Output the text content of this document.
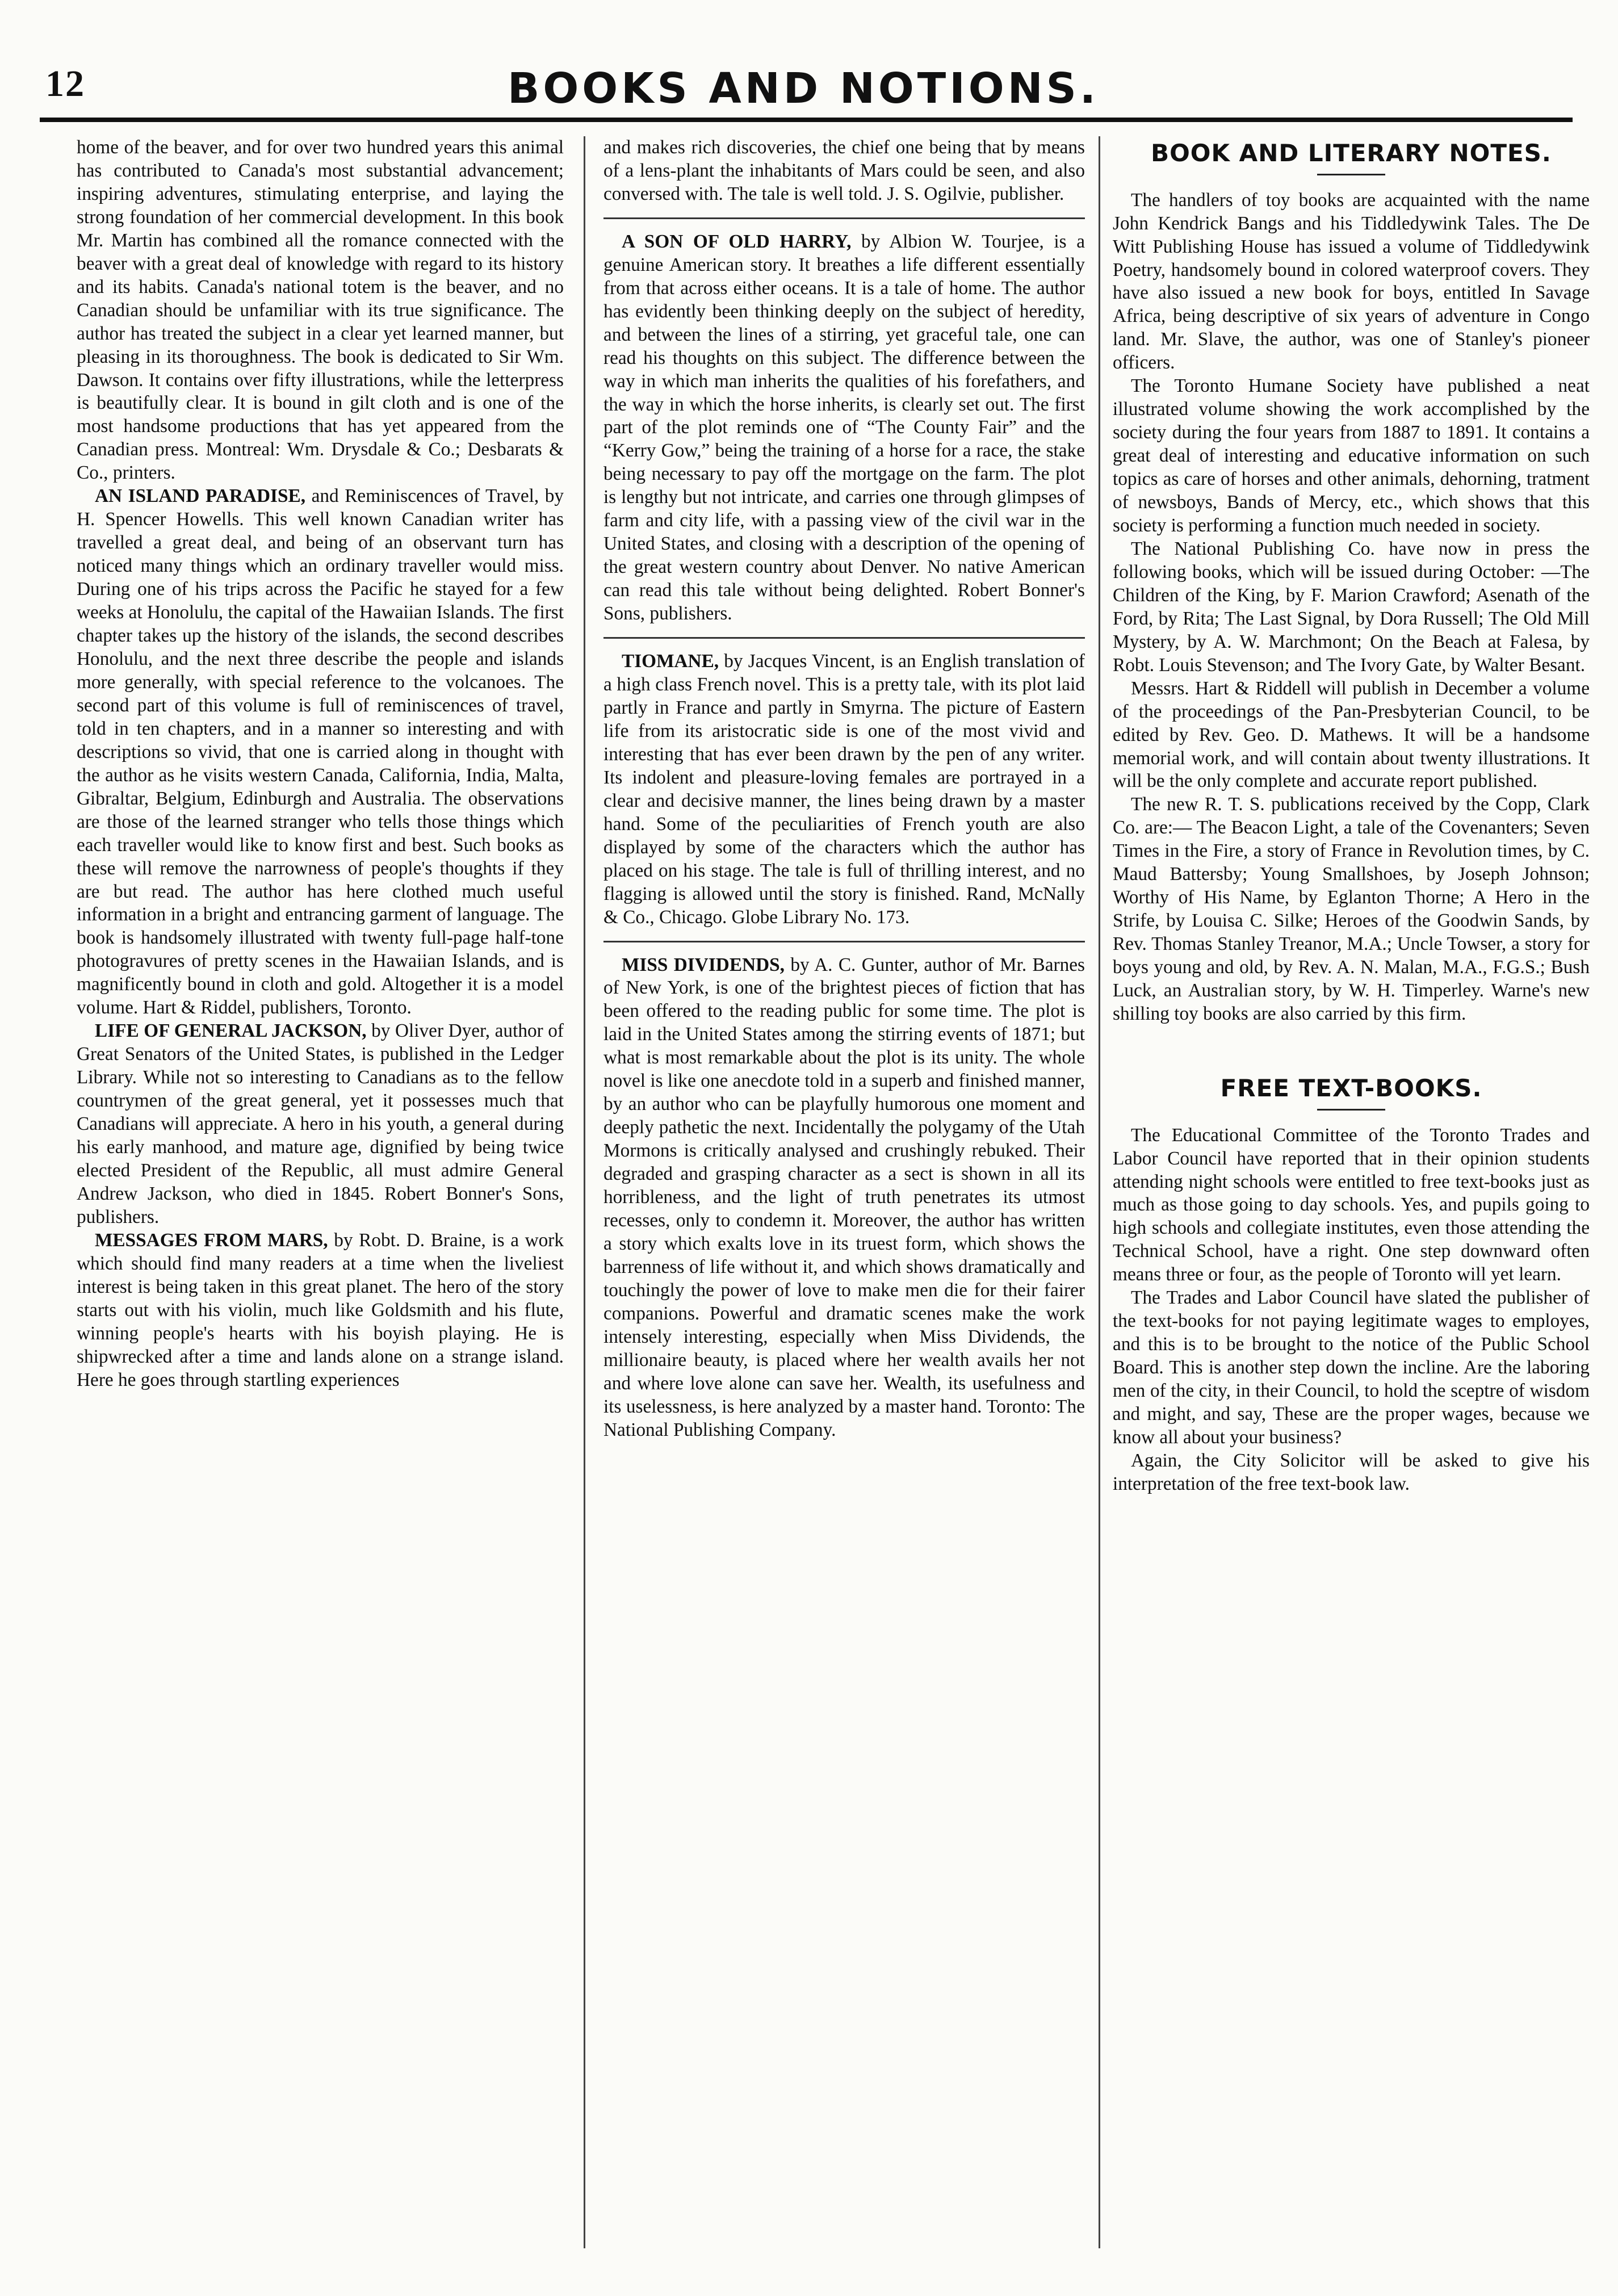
12	BOOKS AND NOTIONS.

home of the beaver, and for over two hundred years this animal has contributed to Canada's most substantial advancement; inspiring adventures, stimulating enterprise, and laying the strong foundation of her commercial development. In this book Mr. Martin has combined all the romance connected with the beaver with a great deal of knowledge with regard to its history and its habits. Canada's national totem is the beaver, and no Canadian should be unfamiliar with its true significance. The author has treated the subject in a clear yet learned manner, but pleasing in its thoroughness. The book is dedicated to Sir Wm. Dawson. It contains over fifty illustrations, while the letterpress is beautifully clear. It is bound in gilt cloth and is one of the most handsome productions that has yet appeared from the Canadian press. Montreal: Wm. Drysdale & Co.; Desbarats & Co., printers.

AN ISLAND PARADISE, and Reminiscences of Travel, by H. Spencer Howells. This well known Canadian writer has travelled a great deal, and being of an observant turn has noticed many things which an ordinary traveller would miss. During one of his trips across the Pacific he stayed for a few weeks at Honolulu, the capital of the Hawaiian Islands. The first chapter takes up the history of the islands, the second describes Honolulu, and the next three describe the people and islands more generally, with special reference to the volcanoes. The second part of this volume is full of reminiscences of travel, told in ten chapters, and in a manner so interesting and with descriptions so vivid, that one is carried along in thought with the author as he visits western Canada, California, India, Malta, Gibraltar, Belgium, Edinburgh and Australia. The observations are those of the learned stranger who tells those things which each traveller would like to know first and best. Such books as these will remove the narrowness of people's thoughts if they are but read. The author has here clothed much useful information in a bright and entrancing garment of language. The book is handsomely illustrated with twenty full-page half-tone photogravures of pretty scenes in the Hawaiian Islands, and is magnificently bound in cloth and gold. Altogether it is a model volume. Hart & Riddel, publishers, Toronto.

LIFE OF GENERAL JACKSON, by Oliver Dyer, author of Great Senators of the United States, is published in the Ledger Library. While not so interesting to Canadians as to the fellow countrymen of the great general, yet it possesses much that Canadians will appreciate. A hero in his youth, a general during his early manhood, and mature age, dignified by being twice elected President of the Republic, all must admire General Andrew Jackson, who died in 1845. Robert Bonner's Sons, publishers.

MESSAGES FROM MARS, by Robt. D. Braine, is a work which should find many readers at a time when the liveliest interest is being taken in this great planet. The hero of the story starts out with his violin, much like Goldsmith and his flute, winning people's hearts with his boyish playing. He is shipwrecked after a time and lands alone on a strange island. Here he goes through startling experiences

and makes rich discoveries, the chief one being that by means of a lens-plant the inhabitants of Mars could be seen, and also conversed with. The tale is well told. J. S. Ogilvie, publisher.

A SON OF OLD HARRY, by Albion W. Tourjee, is a genuine American story. It breathes a life different essentially from that across either oceans. It is a tale of home. The author has evidently been thinking deeply on the subject of heredity, and between the lines of a stirring, yet graceful tale, one can read his thoughts on this subject. The difference between the way in which man inherits the qualities of his forefathers, and the way in which the horse inherits, is clearly set out. The first part of the plot reminds one of “The County Fair” and the “Kerry Gow,” being the training of a horse for a race, the stake being necessary to pay off the mortgage on the farm. The plot is lengthy but not intricate, and carries one through glimpses of farm and city life, with a passing view of the civil war in the United States, and closing with a description of the opening of the great western country about Denver. No native American can read this tale without being delighted. Robert Bonner's Sons, publishers.

TIOMANE, by Jacques Vincent, is an English translation of a high class French novel. This is a pretty tale, with its plot laid partly in France and partly in Smyrna. The picture of Eastern life from its aristocratic side is one of the most vivid and interesting that has ever been drawn by the pen of any writer. Its indolent and pleasure-loving females are portrayed in a clear and decisive manner, the lines being drawn by a master hand. Some of the peculiarities of French youth are also displayed by some of the characters which the author has placed on his stage. The tale is full of thrilling interest, and no flagging is allowed until the story is finished. Rand, McNally & Co., Chicago. Globe Library No. 173.

MISS DIVIDENDS, by A. C. Gunter, author of Mr. Barnes of New York, is one of the brightest pieces of fiction that has been offered to the reading public for some time. The plot is laid in the United States among the stirring events of 1871; but what is most remarkable about the plot is its unity. The whole novel is like one anecdote told in a superb and finished manner, by an author who can be playfully humorous one moment and deeply pathetic the next. Incidentally the polygamy of the Utah Mormons is critically analysed and crushingly rebuked. Their degraded and grasping character as a sect is shown in all its horribleness, and the light of truth penetrates its utmost recesses, only to condemn it. Moreover, the author has written a story which exalts love in its truest form, which shows the barrenness of life without it, and which shows dramatically and touchingly the power of love to make men die for their fairer companions. Powerful and dramatic scenes make the work intensely interesting, especially when Miss Dividends, the millionaire beauty, is placed where her wealth avails her not and where love alone can save her. Wealth, its usefulness and its uselessness, is here analyzed by a master hand. Toronto: The National Publishing Company.

BOOK AND LITERARY NOTES.

The handlers of toy books are acquainted with the name John Kendrick Bangs and his Tiddledywink Tales. The De Witt Publishing House has issued a volume of Tiddledywink Poetry, handsomely bound in colored waterproof covers. They have also issued a new book for boys, entitled In Savage Africa, being descriptive of six years of adventure in Congo land. Mr. Slave, the author, was one of Stanley's pioneer officers.

The Toronto Humane Society have published a neat illustrated volume showing the work accomplished by the society during the four years from 1887 to 1891. It contains a great deal of interesting and educative information on such topics as care of horses and other animals, dehorning, tratment of newsboys, Bands of Mercy, etc., which shows that this society is performing a function much needed in society.

The National Publishing Co. have now in press the following books, which will be issued during October: —The Children of the King, by F. Marion Crawford; Asenath of the Ford, by Rita; The Last Signal, by Dora Russell; The Old Mill Mystery, by A. W. Marchmont; On the Beach at Falesa, by Robt. Louis Stevenson; and The Ivory Gate, by Walter Besant.

Messrs. Hart & Riddell will publish in December a volume of the proceedings of the Pan-Presbyterian Council, to be edited by Rev. Geo. D. Mathews. It will be a handsome memorial work, and will contain about twenty illustrations. It will be the only complete and accurate report published.

The new R. T. S. publications received by the Copp, Clark Co. are:— The Beacon Light, a tale of the Covenanters; Seven Times in the Fire, a story of France in Revolution times, by C. Maud Battersby; Young Smallshoes, by Joseph Johnson; Worthy of His Name, by Eglanton Thorne; A Hero in the Strife, by Louisa C. Silke; Heroes of the Goodwin Sands, by Rev. Thomas Stanley Treanor, M.A.; Uncle Towser, a story for boys young and old, by Rev. A. N. Malan, M.A., F.G.S.; Bush Luck, an Australian story, by W. H. Timperley. Warne's new shilling toy books are also carried by this firm.

FREE TEXT-BOOKS.

The Educational Committee of the Toronto Trades and Labor Council have reported that in their opinion students attending night schools were entitled to free text-books just as much as those going to day schools. Yes, and pupils going to high schools and collegiate institutes, even those attending the Technical School, have a right. One step downward often means three or four, as the people of Toronto will yet learn.

The Trades and Labor Council have slated the publisher of the text-books for not paying legitimate wages to employes, and this is to be brought to the notice of the Public School Board. This is another step down the incline. Are the laboring men of the city, in their Council, to hold the sceptre of wisdom and might, and say, These are the proper wages, because we know all about your business?

Again, the City Solicitor will be asked to give his interpretation of the free text-book law.
